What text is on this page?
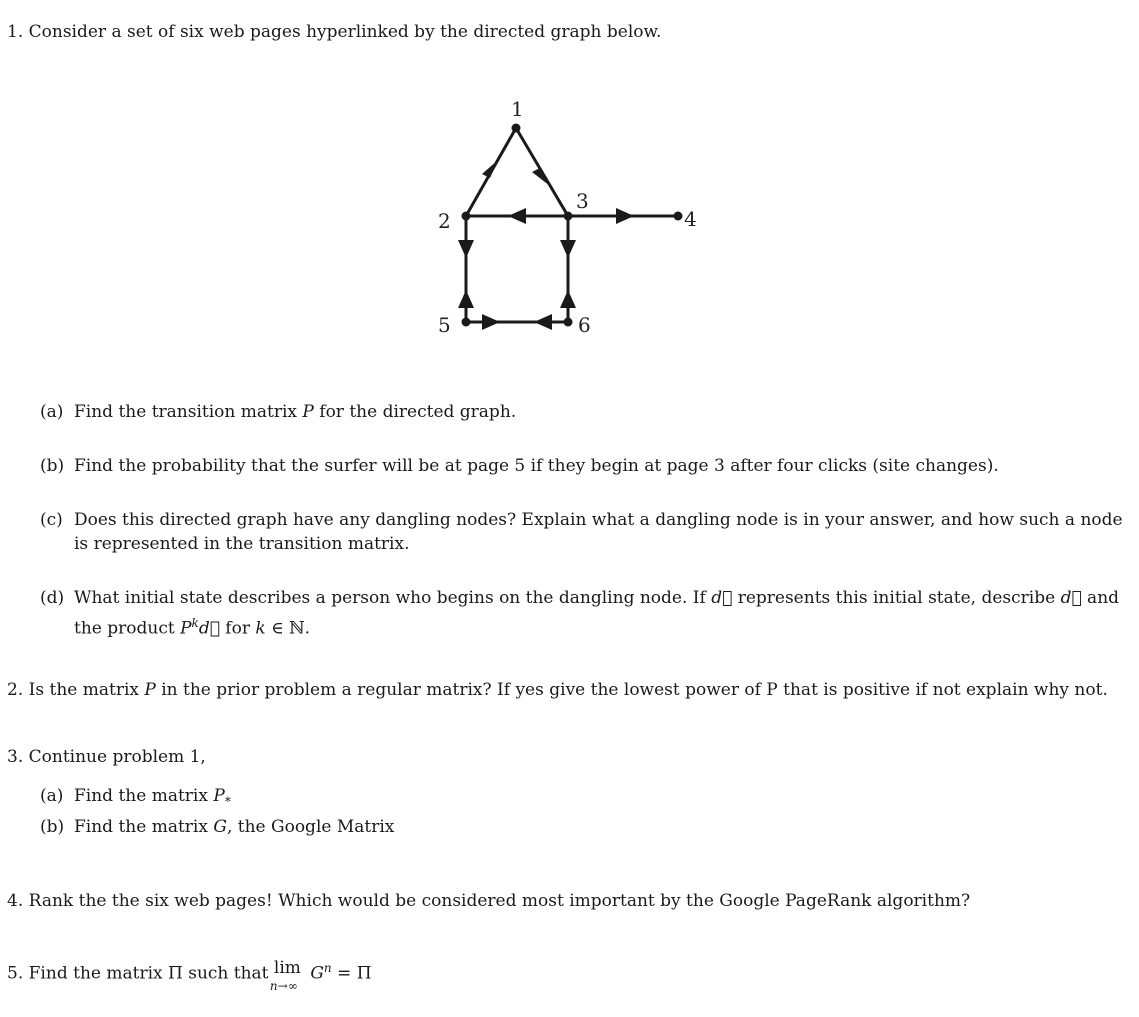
1. Consider a set of six web pages hyperlinked by the directed graph below.
1
2
3
4
5	6
(a) Find the transition matrix P for the directed graph.
(b) Find the probability that the surfer will be at page 5 if they begin at page 3 after four clicks (site changes).
(c) Does this directed graph have any dangling nodes? Explain what a dangling node is in your answer, and how such a node
is represented in the transition matrix.
(d) What initial state describes a person who begins on the dangling node. If d⃗ represents this initial state, describe d⃗ and
the product $P^kd⃗$ for k ∈ ℕ.
2. Is the matrix P in the prior problem a regular matrix? If yes give the lowest power of P that is positive if not explain why not.
3. Continue problem 1,
(a) Find the matrix $P_*$
(b) Find the matrix G, the Google Matrix
4. Rank the the six web pages! Which would be considered most important by the Google PageRank algorithm?
5. Find the matrix Π such that lim
n→∞
$G^n = \Pi$
